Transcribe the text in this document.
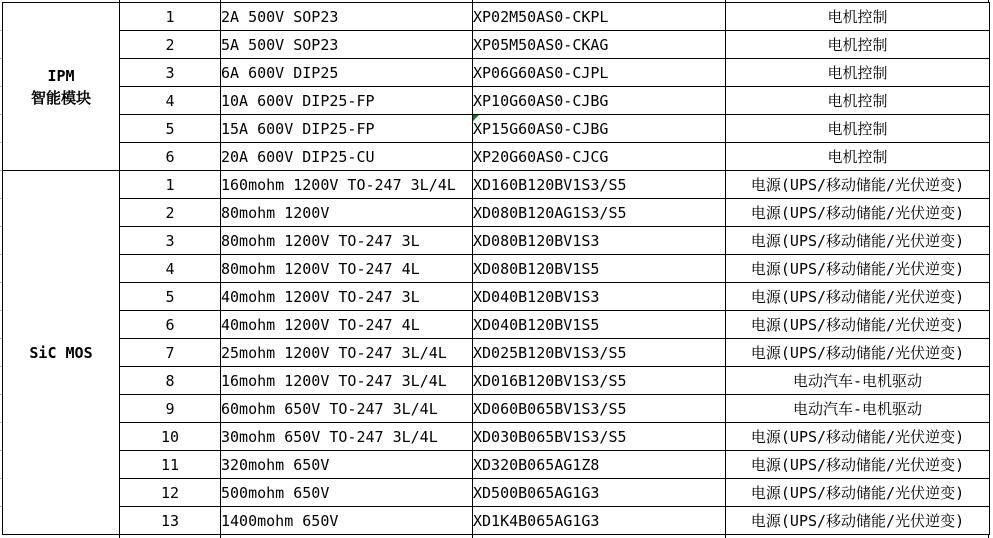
IPM
智能模块	1	2A 500V SOP23	XP02M50AS0-CKPL	电机控制
	2	5A 500V SOP23	XP05M50AS0-CKAG	电机控制
	3	6A 600V DIP25	XP06G60AS0-CJPL	电机控制
	4	10A 600V DIP25-FP	XP10G60AS0-CJBG	电机控制
	5	15A 600V DIP25-FP	XP15G60AS0-CJBG	电机控制
	6	20A 600V DIP25-CU	XP20G60AS0-CJCG	电机控制

SiC MOS	1	160mohm 1200V TO-247 3L/4L	XD160B120BV1S3/S5	电源(UPS/移动储能/光伏逆变)
	2	80mohm 1200V	XD080B120AG1S3/S5	电源(UPS/移动储能/光伏逆变)
	3	80mohm 1200V TO-247 3L	XD080B120BV1S3	电源(UPS/移动储能/光伏逆变)
	4	80mohm 1200V TO-247 4L	XD080B120BV1S5	电源(UPS/移动储能/光伏逆变)
	5	40mohm 1200V TO-247 3L	XD040B120BV1S3	电源(UPS/移动储能/光伏逆变)
	6	40mohm 1200V TO-247 4L	XD040B120BV1S5	电源(UPS/移动储能/光伏逆变)
	7	25mohm 1200V TO-247 3L/4L	XD025B120BV1S3/S5	电源(UPS/移动储能/光伏逆变)
	8	16mohm 1200V TO-247 3L/4L	XD016B120BV1S3/S5	电动汽车-电机驱动
	9	60mohm 650V TO-247 3L/4L	XD060B065BV1S3/S5	电动汽车-电机驱动
	10	30mohm 650V TO-247 3L/4L	XD030B065BV1S3/S5	电源(UPS/移动储能/光伏逆变)
	11	320mohm 650V	XD320B065AG1Z8	电源(UPS/移动储能/光伏逆变)
	12	500mohm 650V	XD500B065AG1G3	电源(UPS/移动储能/光伏逆变)
	13	1400mohm 650V	XD1K4B065AG1G3	电源(UPS/移动储能/光伏逆变)
